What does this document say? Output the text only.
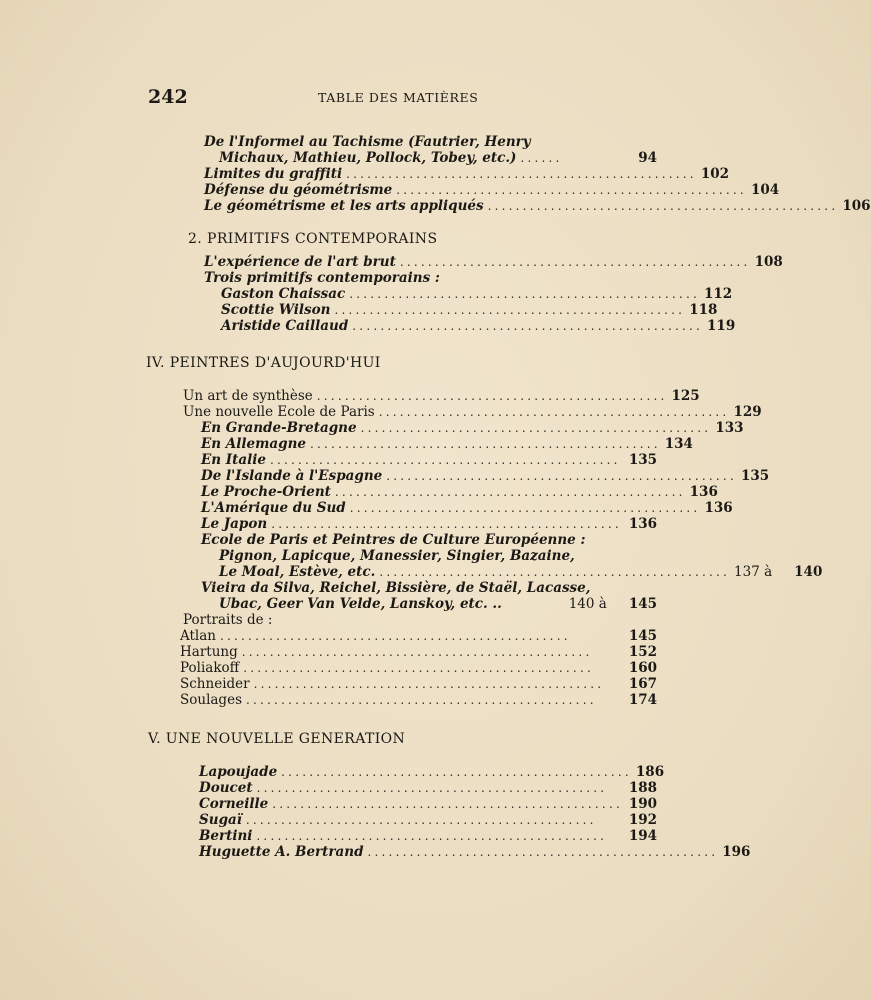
242	TABLE DES MATIÈRES
De l'Informel au Tachisme (Fautrier, Henry
Michaux, Mathieu, Pollock, Tobey, etc.) ......	94
Limites du graffiti .................................................. 102
Défense du géométrisme .................................................. 104
Le géométrisme et les arts appliqués .................................................. 106
2. PRIMITIFS CONTEMPORAINS
L'expérience de l'art brut .................................................. 108
Trois primitifs contemporains :
Gaston Chaissac .................................................. 112
Scottie Wilson .................................................. 118
Aristide Caillaud .................................................. 119
IV. PEINTRES D'AUJOURD'HUI
Un art de synthèse .................................................. 125
Une nouvelle Ecole de Paris .................................................. 129
En Grande-Bretagne .................................................. 133
En Allemagne .................................................. 134
En Italie .................................................. 135
De l'Islande à l'Espagne .................................................. 135
Le Proche-Orient .................................................. 136
L'Amérique du Sud .................................................. 136
Le Japon .................................................. 136
Ecole de Paris et Peintres de Culture Européenne :
Pignon, Lapicque, Manessier, Singier, Bazaine,
Le Moal, Estève, etc. .................................................. 137 à 140
Vieira da Silva, Reichel, Bissière, de Staël, Lacasse,
Ubac, Geer Van Velde, Lanskoy, etc. ..	140 à 145
Portraits de :
Atlan ..................................................	145
Hartung ..................................................	152
Poliakoff ..................................................	160
Schneider ..................................................	167
Soulages ..................................................	174
V. UNE NOUVELLE GENERATION
Lapoujade .................................................. 186
Doucet ..................................................	188
Corneille .................................................. 190
Sugaï ..................................................	192
Bertini ..................................................	194
Huguette A. Bertrand .................................................. 196
